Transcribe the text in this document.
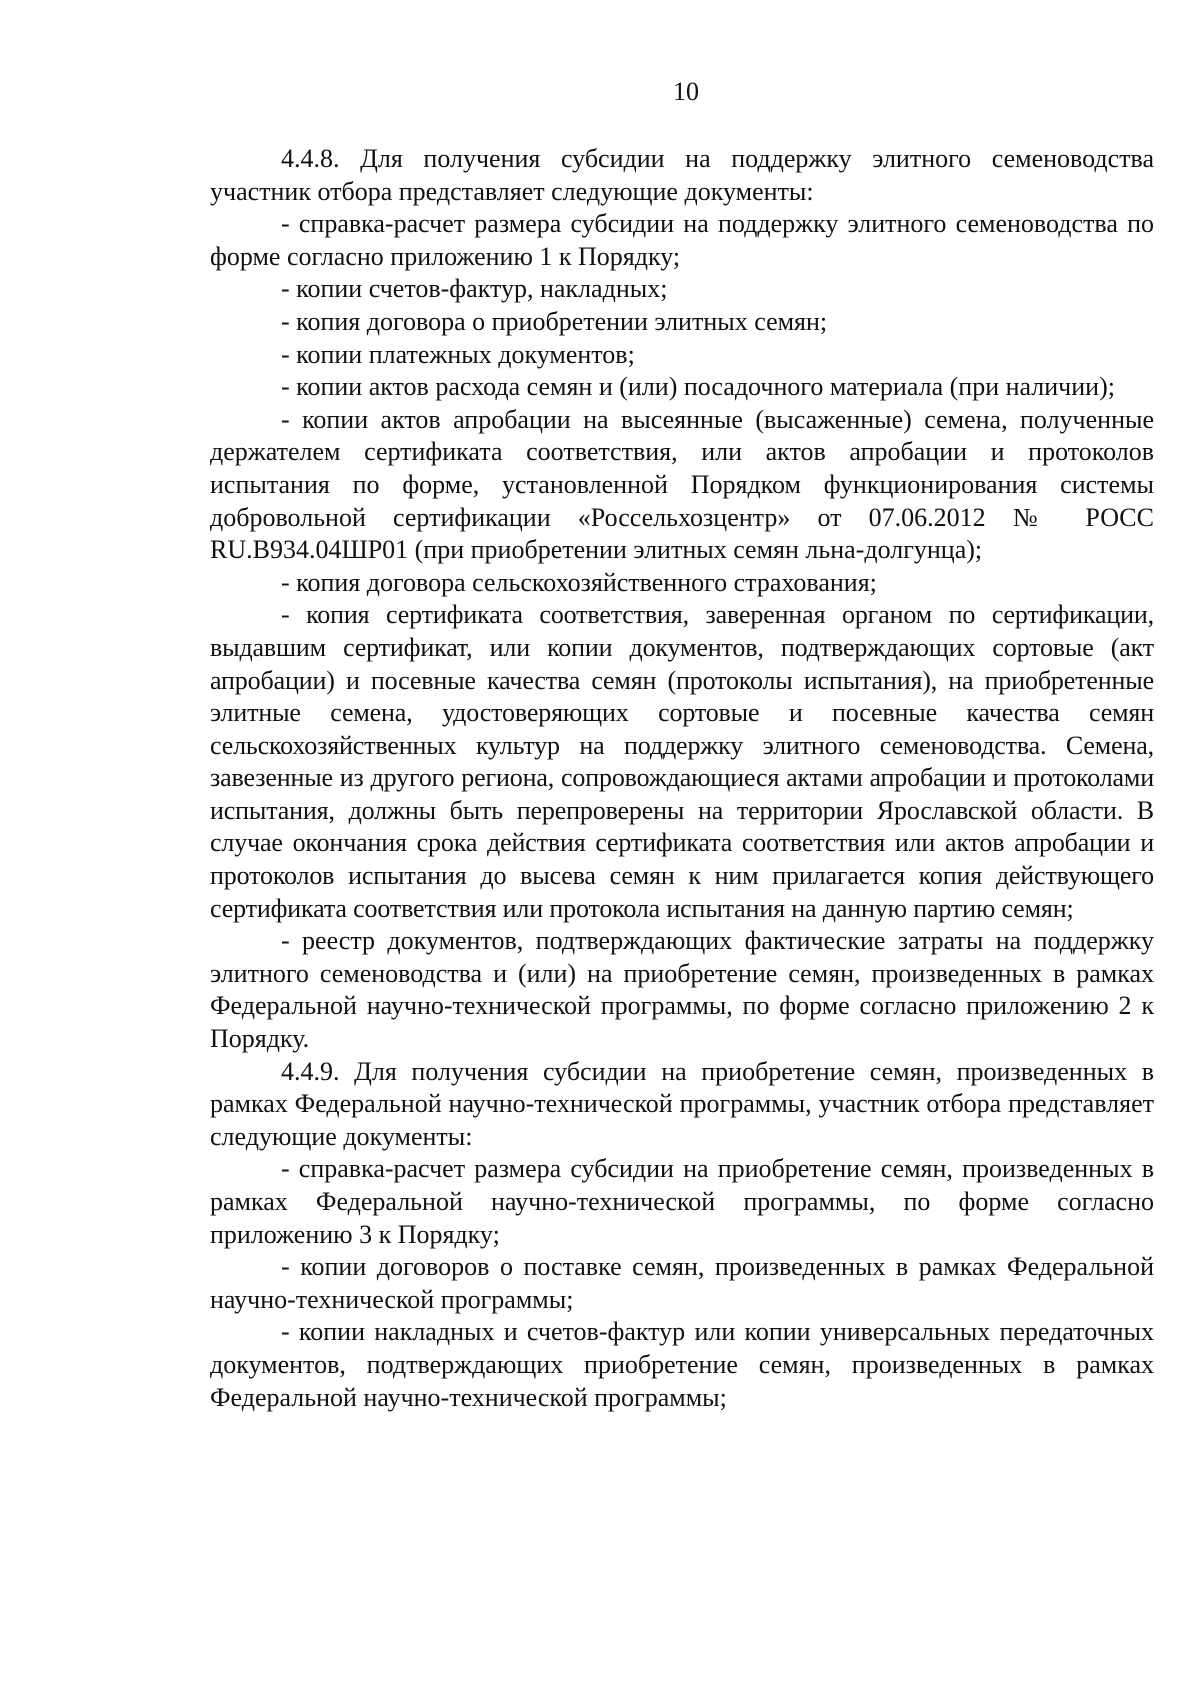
10

4.4.8. Для получения субсидии на поддержку элитного семеноводства участник отбора представляет следующие документы:

- справка-расчет размера субсидии на поддержку элитного семеноводства по форме согласно приложению 1 к Порядку;

- копии счетов-фактур, накладных;

- копия договора о приобретении элитных семян;

- копии платежных документов;

- копии актов расхода семян и (или) посадочного материала (при наличии);

- копии актов апробации на высеянные (высаженные) семена, полученные держателем сертификата соответствия, или актов апробации и протоколов испытания по форме, установленной Порядком функционирования системы добровольной сертификации «Россельхозцентр» от 07.06.2012 № РОСС RU.В934.04ШР01 (при приобретении элитных семян льна-долгунца);

- копия договора сельскохозяйственного страхования;

- копия сертификата соответствия, заверенная органом по сертификации, выдавшим сертификат, или копии документов, подтверждающих сортовые (акт апробации) и посевные качества семян (протоколы испытания), на приобретенные элитные семена, удостоверяющих сортовые и посевные качества семян сельскохозяйственных культур на поддержку элитного семеноводства. Семена, завезенные из другого региона, сопровождающиеся актами апробации и протоколами испытания, должны быть перепроверены на территории Ярославской области. В случае окончания срока действия сертификата соответствия или актов апробации и протоколов испытания до высева семян к ним прилагается копия действующего сертификата соответствия или протокола испытания на данную партию семян;

- реестр документов, подтверждающих фактические затраты на поддержку элитного семеноводства и (или) на приобретение семян, произведенных в рамках Федеральной научно-технической программы, по форме согласно приложению 2 к Порядку.

4.4.9. Для получения субсидии на приобретение семян, произведенных в рамках Федеральной научно-технической программы, участник отбора представляет следующие документы:

- справка-расчет размера субсидии на приобретение семян, произведенных в рамках Федеральной научно-технической программы, по форме согласно приложению 3 к Порядку;

- копии договоров о поставке семян, произведенных в рамках Федеральной научно-технической программы;

- копии накладных и счетов-фактур или копии универсальных передаточных документов, подтверждающих приобретение семян, произведенных в рамках Федеральной научно-технической программы;
